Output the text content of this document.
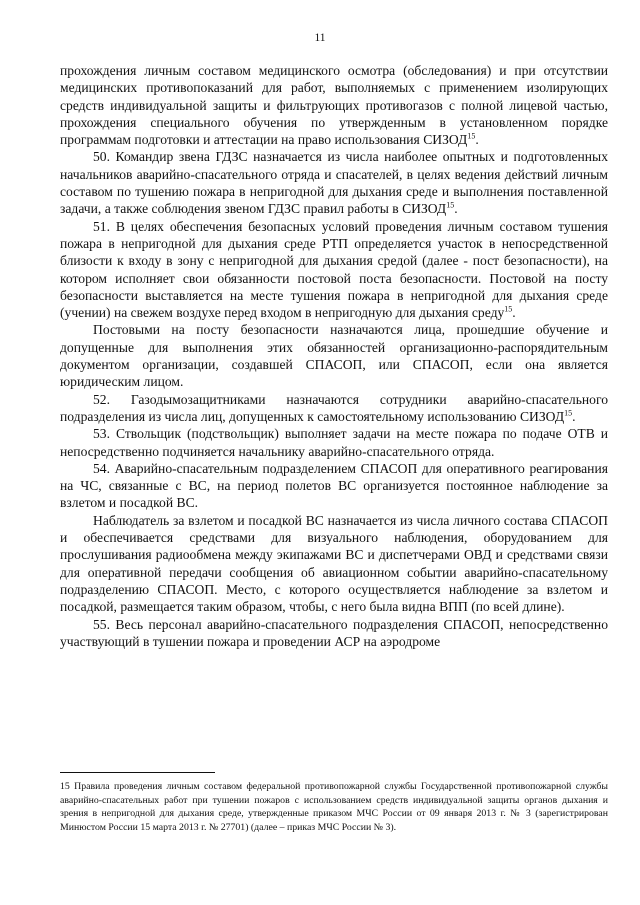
11

прохождения личным составом медицинского осмотра (обследования) и при отсутствии медицинских противопоказаний для работ, выполняемых с применением изолирующих средств индивидуальной защиты и фильтрующих противогазов с полной лицевой частью, прохождения специального обучения по утвержденным в установленном порядке программам подготовки и аттестации на право использования СИЗОД$^{15}$.

50. Командир звена ГДЗС назначается из числа наиболее опытных и подготовленных начальников аварийно-спасательного отряда и спасателей, в целях ведения действий личным составом по тушению пожара в непригодной для дыхания среде и выполнения поставленной задачи, а также соблюдения звеном ГДЗС правил работы в СИЗОД$^{15}$.

51. В целях обеспечения безопасных условий проведения личным составом тушения пожара в непригодной для дыхания среде РТП определяется участок в непосредственной близости к входу в зону с непригодной для дыхания средой (далее - пост безопасности), на котором исполняет свои обязанности постовой поста безопасности. Постовой на посту безопасности выставляется на месте тушения пожара в непригодной для дыхания среде (учении) на свежем воздухе перед входом в непригодную для дыхания среду$^{15}$.

Постовыми на посту безопасности назначаются лица, прошедшие обучение и допущенные для выполнения этих обязанностей организационно-распорядительным документом организации, создавшей СПАСОП, или СПАСОП, если она является юридическим лицом.

52. Газодымозащитниками назначаются сотрудники аварийно-спасательного подразделения из числа лиц, допущенных к самостоятельному использованию СИЗОД$^{15}$.

53. Ствольщик (подствольщик) выполняет задачи на месте пожара по подаче ОТВ и непосредственно подчиняется начальнику аварийно-спасательного отряда.

54. Аварийно-спасательным подразделением СПАСОП для оперативного реагирования на ЧС, связанные с ВС, на период полетов ВС организуется постоянное наблюдение за взлетом и посадкой ВС.

Наблюдатель за взлетом и посадкой ВС назначается из числа личного состава СПАСОП и обеспечивается средствами для визуального наблюдения, оборудованием для прослушивания радиообмена между экипажами ВС и диспетчерами ОВД и средствами связи для оперативной передачи сообщения об авиационном событии аварийно-спасательному подразделению СПАСОП. Место, с которого осуществляется наблюдение за взлетом и посадкой, размещается таким образом, чтобы, с него была видна ВПП (по всей длине).

55. Весь персонал аварийно-спасательного подразделения СПАСОП, непосредственно участвующий в тушении пожара и проведении АСР на аэродроме

15 Правила проведения личным составом федеральной противопожарной службы Государственной противопожарной службы аварийно-спасательных работ при тушении пожаров с использованием средств индивидуальной защиты органов дыхания и зрения в непригодной для дыхания среде, утвержденные приказом МЧС России от 09 января 2013 г. № 3 (зарегистрирован Минюстом России 15 марта 2013 г. № 27701) (далее – приказ МЧС России № 3).
